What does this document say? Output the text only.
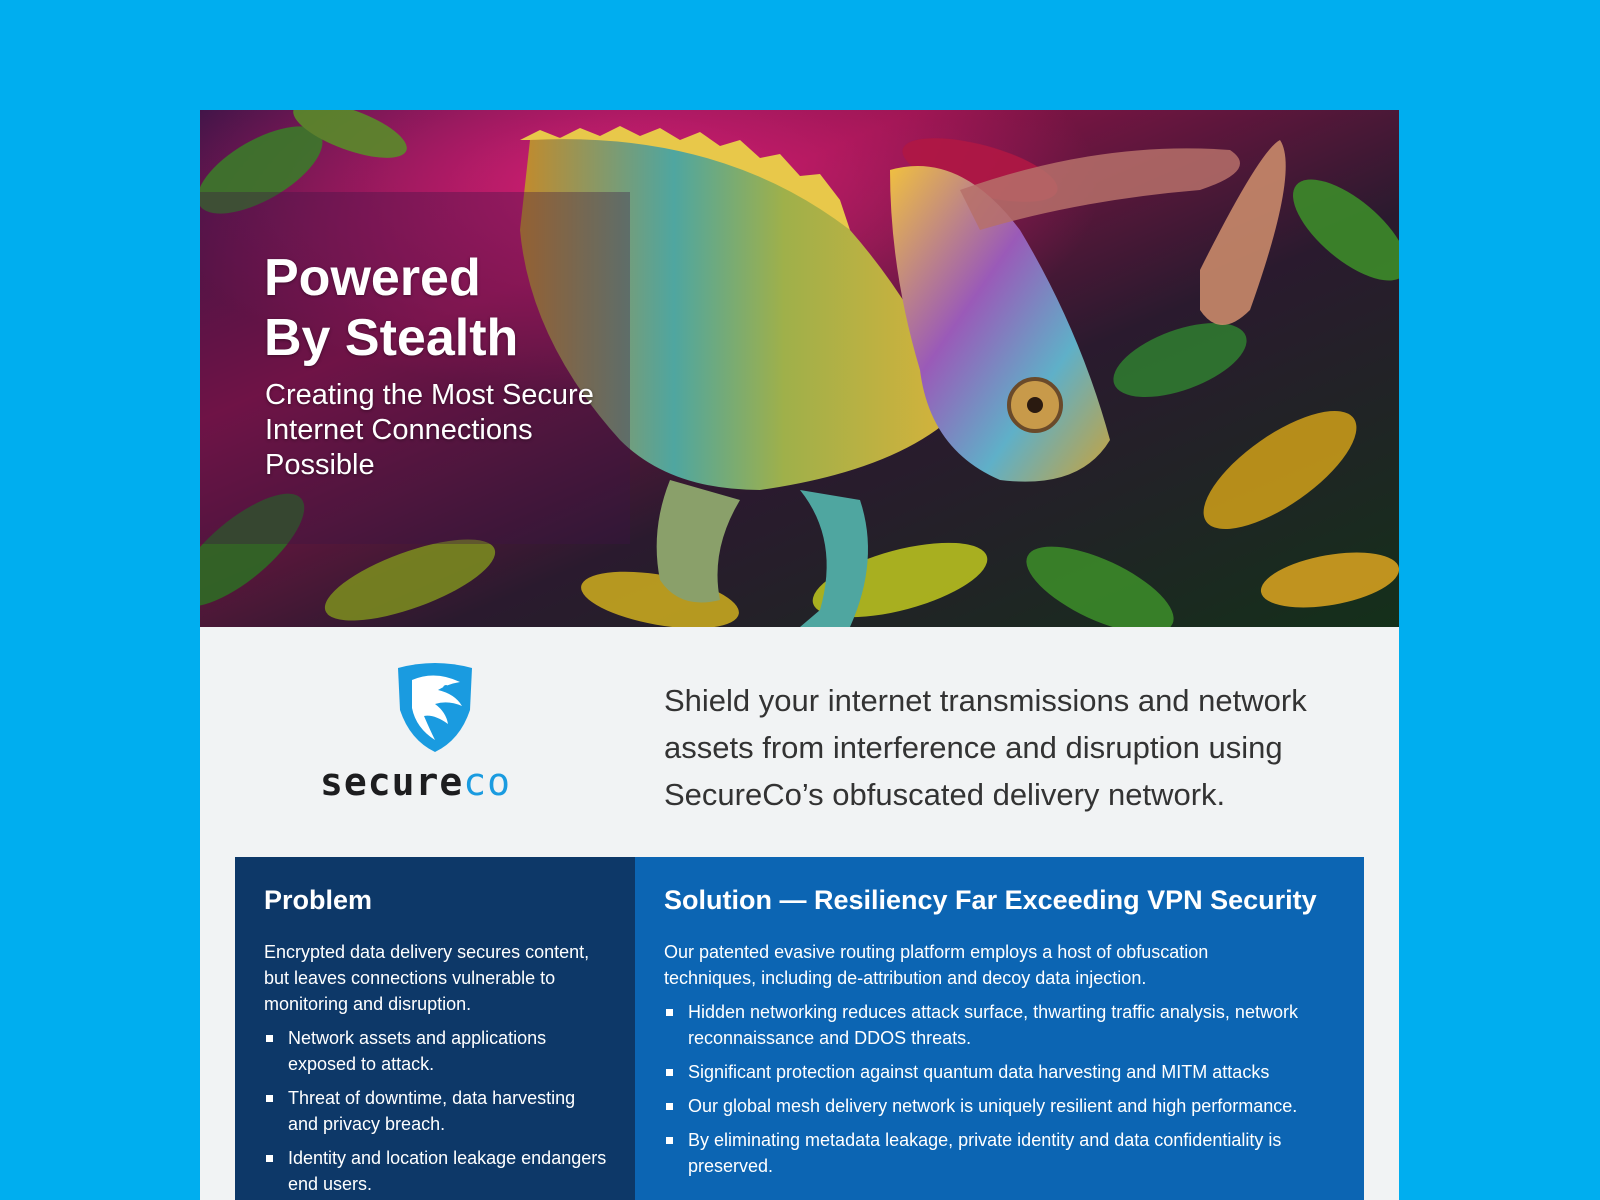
Powered
By Stealth
Creating the Most Secure
Internet Connections
Possible
secureco
Shield your internet transmissions and network assets from interference and disruption using SecureCo’s obfuscated delivery network.
Problem
Encrypted data delivery secures content, but leaves connections vulnerable to monitoring and disruption.
Network assets and applications exposed to attack.
Threat of downtime, data harvesting and privacy breach.
Identity and location leakage endangers end users.
Solution — Resiliency Far Exceeding VPN Security
Our patented evasive routing platform employs a host of obfuscation techniques, including de-attribution and decoy data injection.
Hidden networking reduces attack surface, thwarting traffic analysis, network reconnaissance and DDOS threats.
Significant protection against quantum data harvesting and MITM attacks
Our global mesh delivery network is uniquely resilient and high performance.
By eliminating metadata leakage, private identity and data confidentiality is preserved.
